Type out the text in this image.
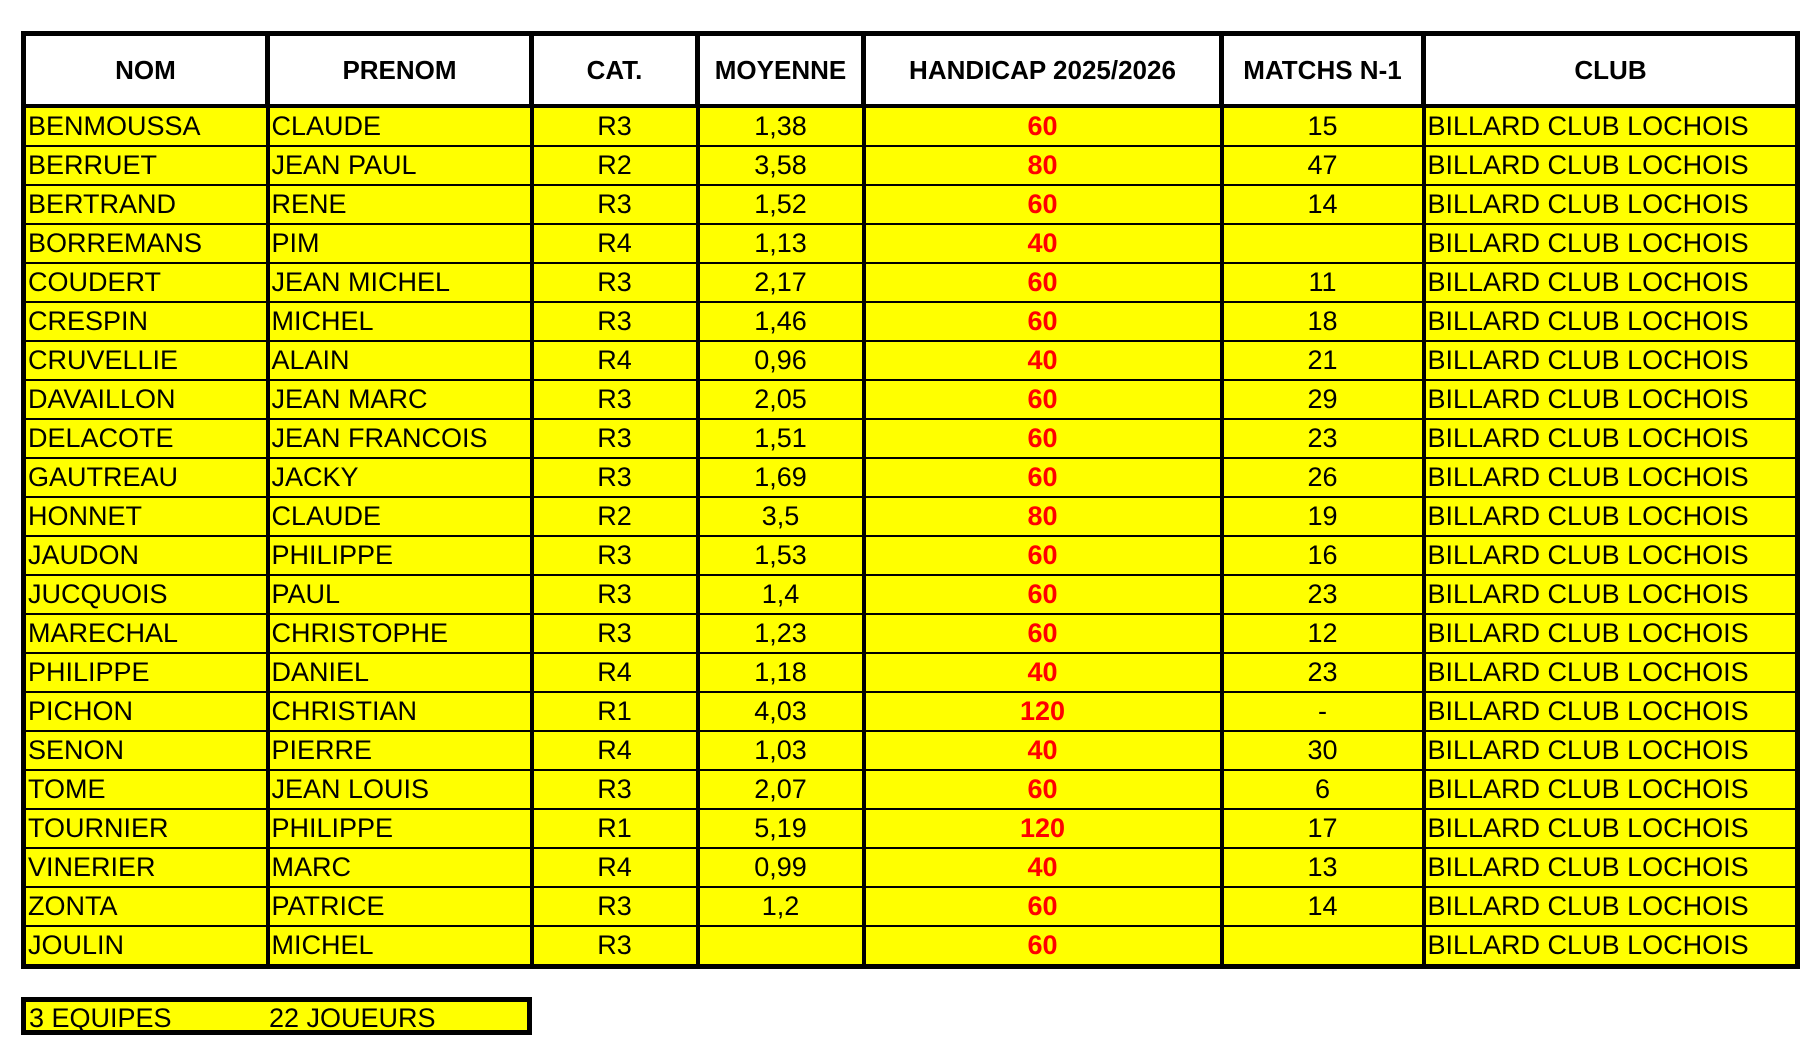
NOM	PRENOM	CAT.	MOYENNE	HANDICAP 2025/2026	MATCHS N-1	CLUB
BENMOUSSA	CLAUDE	R3	1,38	60	15	BILLARD CLUB LOCHOIS
BERRUET	JEAN PAUL	R2	3,58	80	47	BILLARD CLUB LOCHOIS
BERTRAND	RENE	R3	1,52	60	14	BILLARD CLUB LOCHOIS
BORREMANS	PIM	R4	1,13	40		BILLARD CLUB LOCHOIS
COUDERT	JEAN MICHEL	R3	2,17	60	11	BILLARD CLUB LOCHOIS
CRESPIN	MICHEL	R3	1,46	60	18	BILLARD CLUB LOCHOIS
CRUVELLIE	ALAIN	R4	0,96	40	21	BILLARD CLUB LOCHOIS
DAVAILLON	JEAN MARC	R3	2,05	60	29	BILLARD CLUB LOCHOIS
DELACOTE	JEAN FRANCOIS	R3	1,51	60	23	BILLARD CLUB LOCHOIS
GAUTREAU	JACKY	R3	1,69	60	26	BILLARD CLUB LOCHOIS
HONNET	CLAUDE	R2	3,5	80	19	BILLARD CLUB LOCHOIS
JAUDON	PHILIPPE	R3	1,53	60	16	BILLARD CLUB LOCHOIS
JUCQUOIS	PAUL	R3	1,4	60	23	BILLARD CLUB LOCHOIS
MARECHAL	CHRISTOPHE	R3	1,23	60	12	BILLARD CLUB LOCHOIS
PHILIPPE	DANIEL	R4	1,18	40	23	BILLARD CLUB LOCHOIS
PICHON	CHRISTIAN	R1	4,03	120	-	BILLARD CLUB LOCHOIS
SENON	PIERRE	R4	1,03	40	30	BILLARD CLUB LOCHOIS
TOME	JEAN LOUIS	R3	2,07	60	6	BILLARD CLUB LOCHOIS
TOURNIER	PHILIPPE	R1	5,19	120	17	BILLARD CLUB LOCHOIS
VINERIER	MARC	R4	0,99	40	13	BILLARD CLUB LOCHOIS
ZONTA	PATRICE	R3	1,2	60	14	BILLARD CLUB LOCHOIS
JOULIN	MICHEL	R3		60		BILLARD CLUB LOCHOIS
3 EQUIPES	22 JOUEURS
